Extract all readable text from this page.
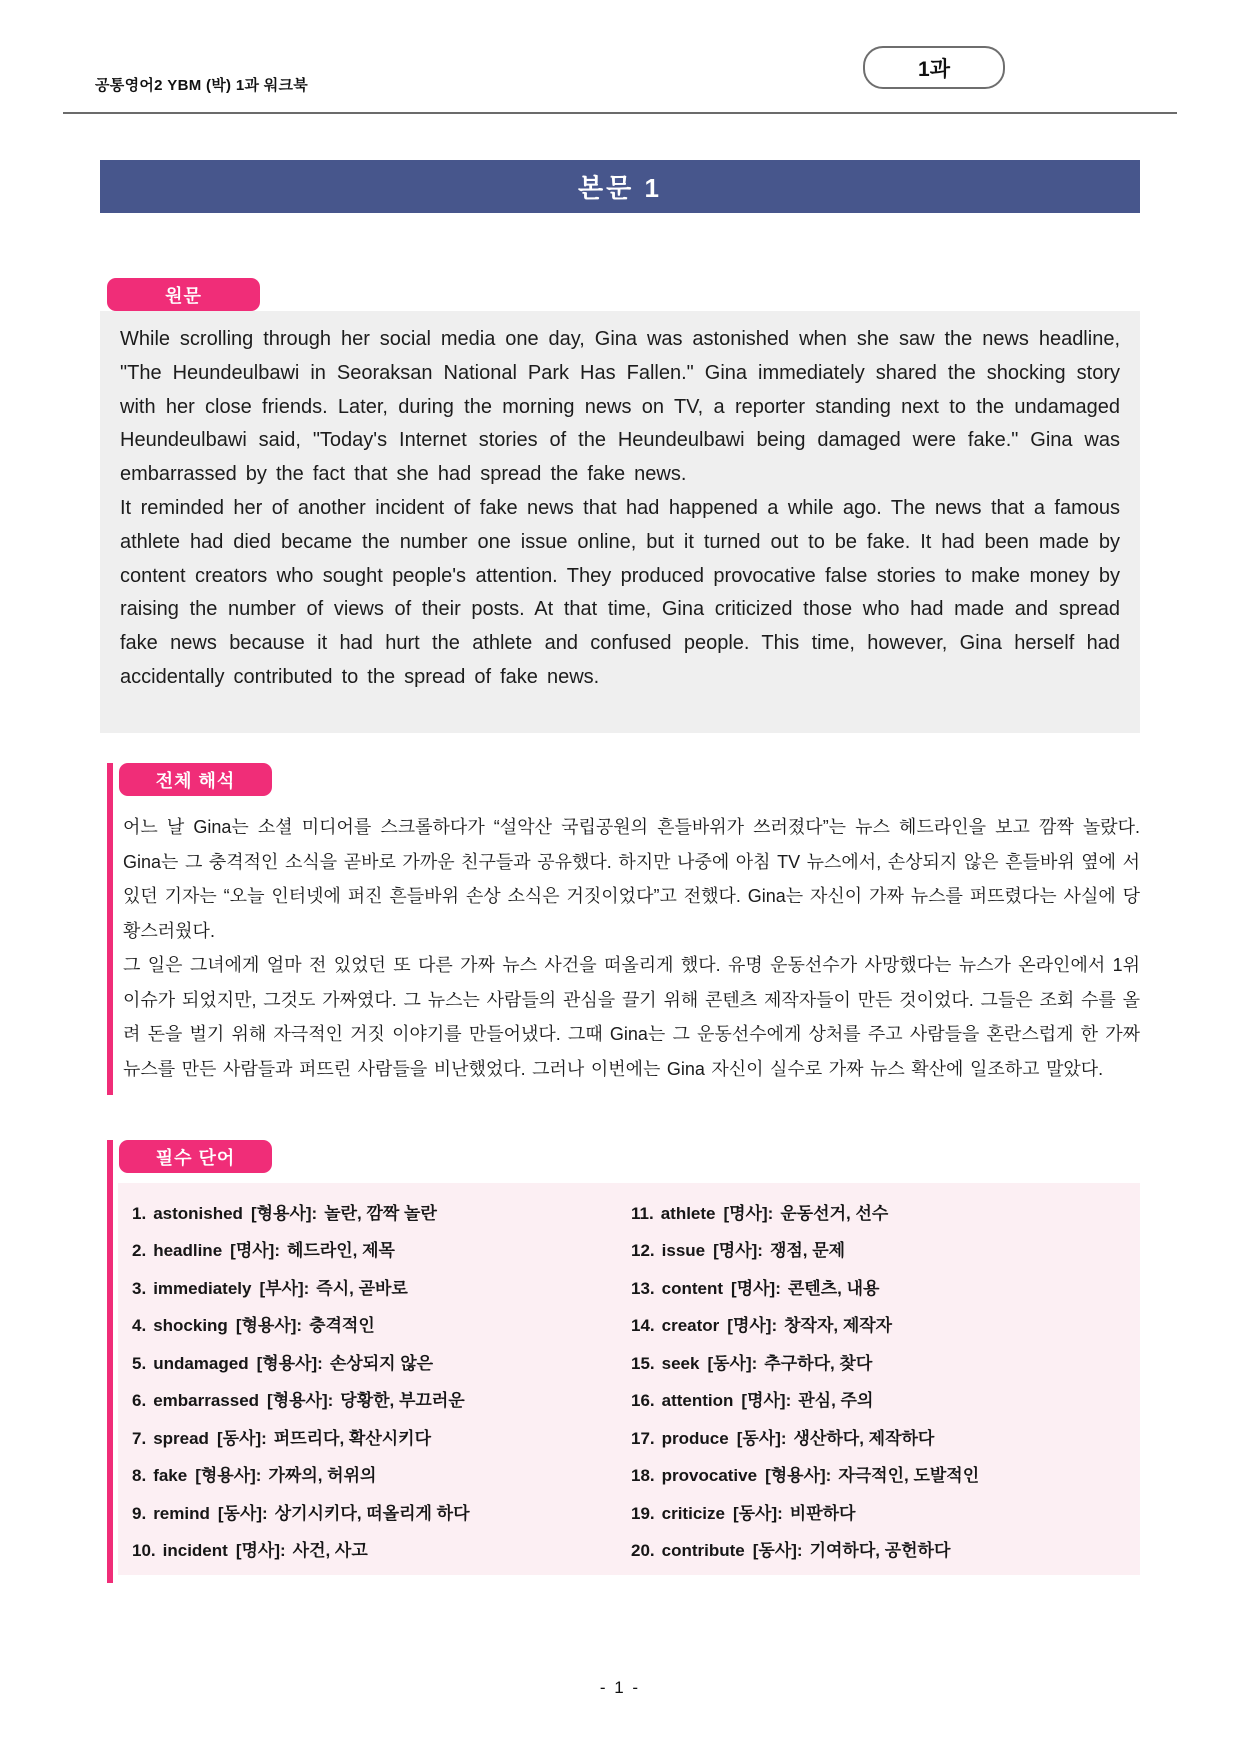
공통영어2 YBM (박) 1과 워크북
1과
본문 1
원문

While scrolling through her social media one day, Gina was astonished when she saw the news headline, "The Heundeulbawi in Seoraksan National Park Has Fallen." Gina immediately shared the shocking story with her close friends. Later, during the morning news on TV, a reporter standing next to the undamaged Heundeulbawi said, "Today's Internet stories of the Heundeulbawi being damaged were fake." Gina was embarrassed by the fact that she had spread the fake news.

It reminded her of another incident of fake news that had happened a while ago. The news that a famous athlete had died became the number one issue online, but it turned out to be fake. It had been made by content creators who sought people's attention. They produced provocative false stories to make money by raising the number of views of their posts. At that time, Gina criticized those who had made and spread fake news because it had hurt the athlete and confused people. This time, however, Gina herself had accidentally contributed to the spread of fake news.

전체 해석

어느 날 Gina는 소셜 미디어를 스크롤하다가 “설악산 국립공원의 흔들바위가 쓰러졌다”는 뉴스 헤드라인을 보고 깜짝 놀랐다. Gina는 그 충격적인 소식을 곧바로 가까운 친구들과 공유했다. 하지만 나중에 아침 TV 뉴스에서, 손상되지 않은 흔들바위 옆에 서 있던 기자는 “오늘 인터넷에 퍼진 흔들바위 손상 소식은 거짓이었다”고 전했다. Gina는 자신이 가짜 뉴스를 퍼뜨렸다는 사실에 당황스러웠다.

그 일은 그녀에게 얼마 전 있었던 또 다른 가짜 뉴스 사건을 떠올리게 했다. 유명 운동선수가 사망했다는 뉴스가 온라인에서 1위 이슈가 되었지만, 그것도 가짜였다. 그 뉴스는 사람들의 관심을 끌기 위해 콘텐츠 제작자들이 만든 것이었다. 그들은 조회 수를 올려 돈을 벌기 위해 자극적인 거짓 이야기를 만들어냈다. 그때 Gina는 그 운동선수에게 상처를 주고 사람들을 혼란스럽게 한 가짜 뉴스를 만든 사람들과 퍼뜨린 사람들을 비난했었다. 그러나 이번에는 Gina 자신이 실수로 가짜 뉴스 확산에 일조하고 말았다.

필수 단어
1. astonished [형용사]: 놀란, 깜짝 놀란
2. headline [명사]: 헤드라인, 제목
3. immediately [부사]: 즉시, 곧바로
4. shocking [형용사]: 충격적인
5. undamaged [형용사]: 손상되지 않은
6. embarrassed [형용사]: 당황한, 부끄러운
7. spread [동사]: 퍼뜨리다, 확산시키다
8. fake [형용사]: 가짜의, 허위의
9. remind [동사]: 상기시키다, 떠올리게 하다
10. incident [명사]: 사건, 사고
11. athlete [명사]: 운동선거, 선수
12. issue [명사]: 쟁점, 문제
13. content [명사]: 콘텐츠, 내용
14. creator [명사]: 창작자, 제작자
15. seek [동사]: 추구하다, 찾다
16. attention [명사]: 관심, 주의
17. produce [동사]: 생산하다, 제작하다
18. provocative [형용사]: 자극적인, 도발적인
19. criticize [동사]: 비판하다
20. contribute [동사]: 기여하다, 공헌하다
- 1 -
